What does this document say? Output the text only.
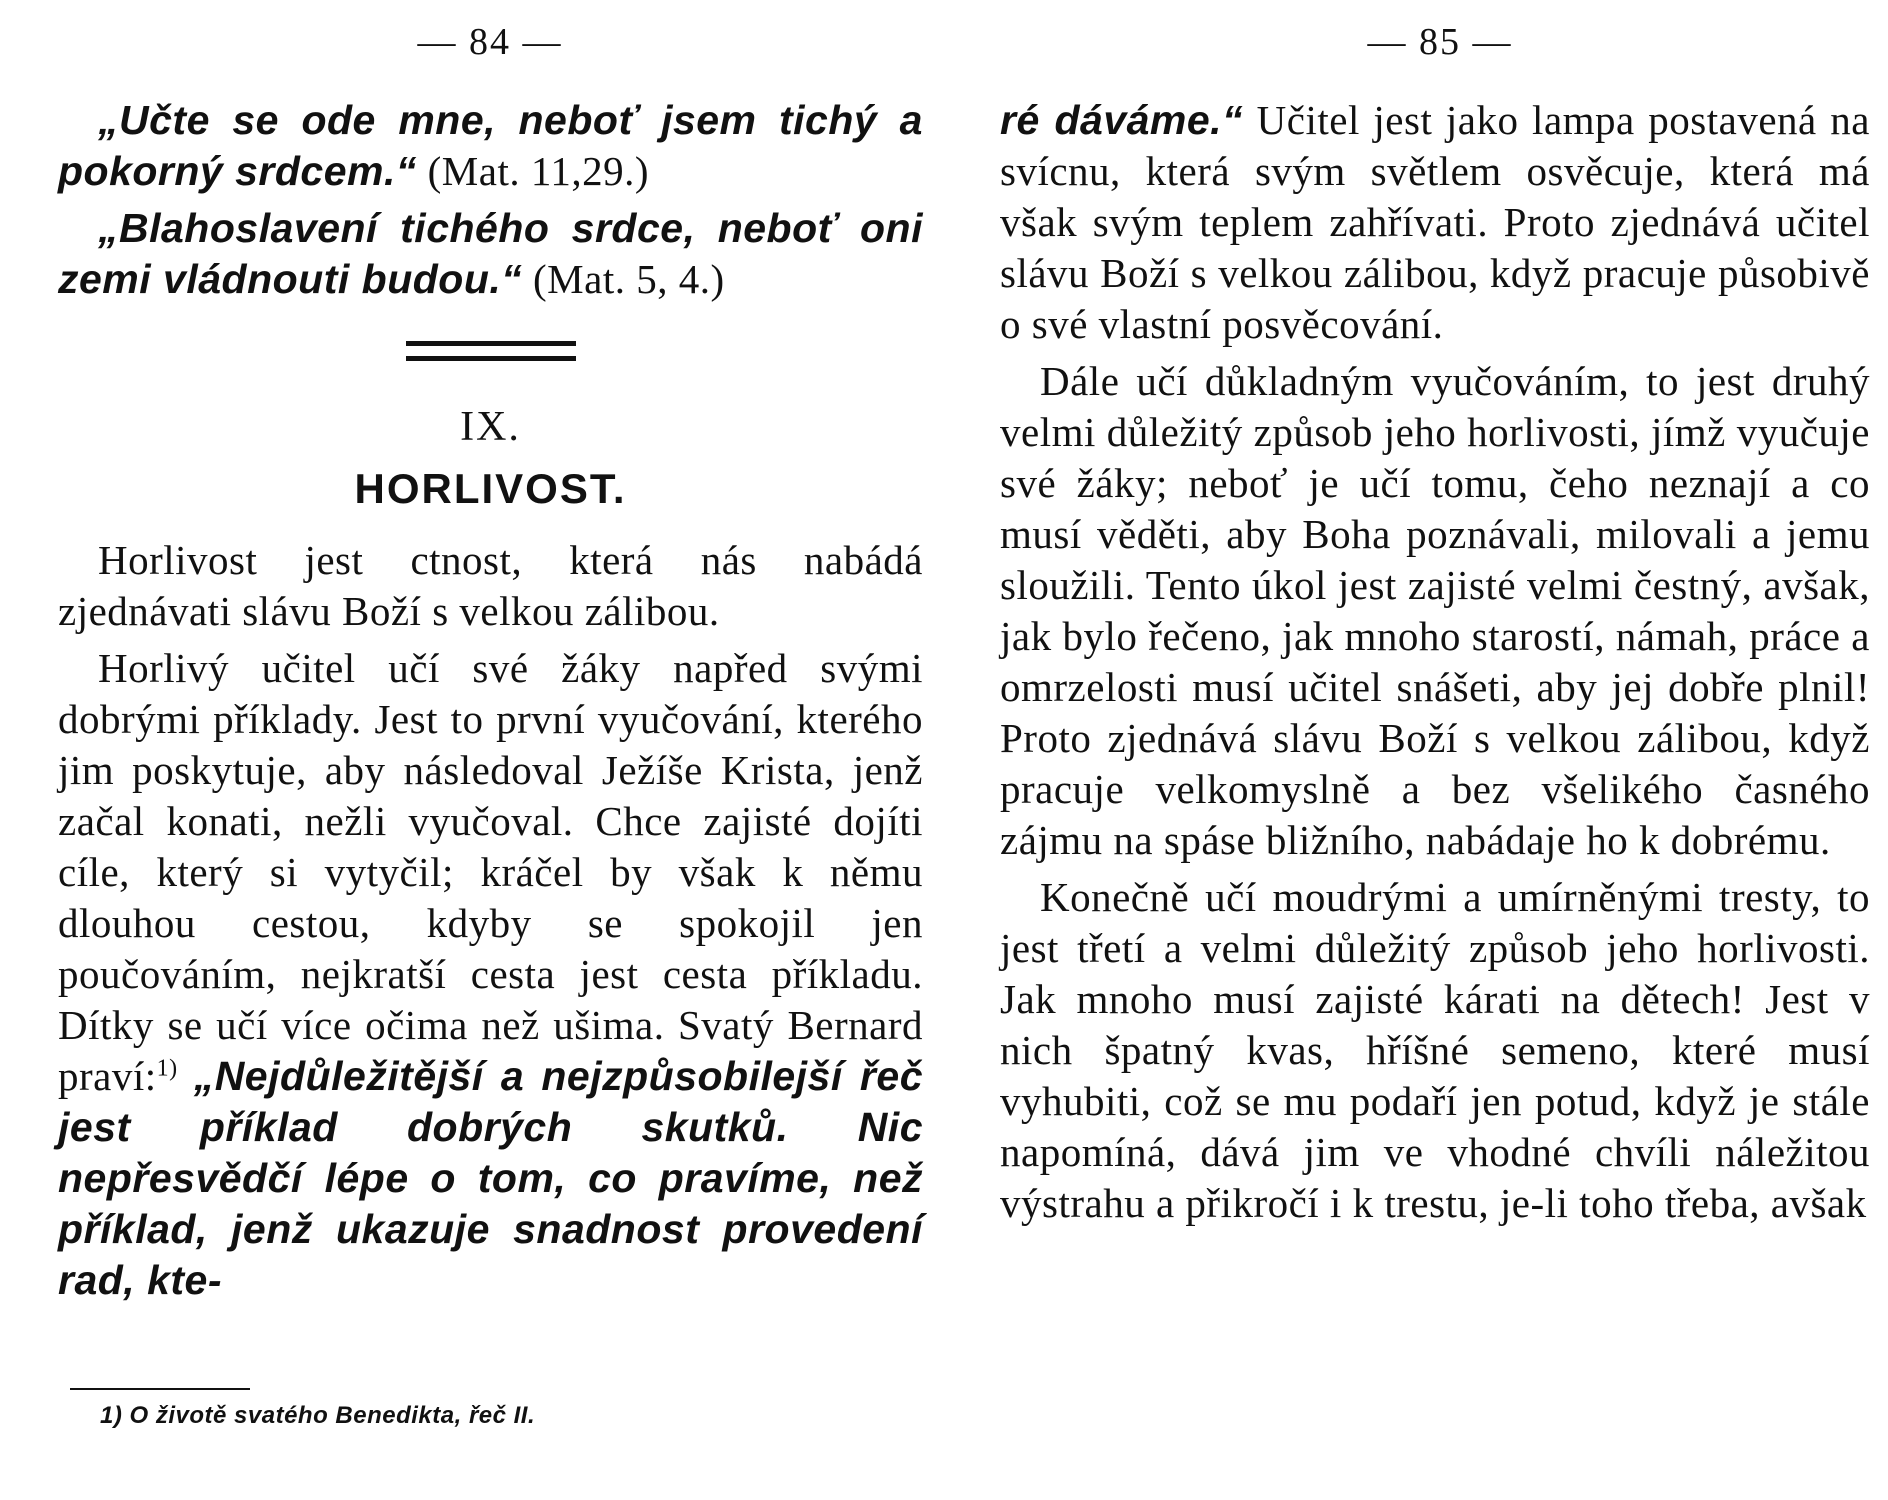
— 84 —

„Učte se ode mne, neboť jsem tichý a pokorný srdcem.“ (Mat. 11,29.)

„Blahoslavení tichého srdce, neboť oni zemi vládnouti budou.“ (Mat. 5, 4.)

IX.
HORLIVOST.

Horlivost jest ctnost, která nás nabádá zjednávati slávu Boží s velkou zálibou.

Horlivý učitel učí své žáky napřed svými dobrými příklady. Jest to první vyučování, kterého jim poskytuje, aby následoval Ježíše Krista, jenž začal konati, nežli vyučoval. Chce zajisté dojíti cíle, který si vytyčil; kráčel by však k němu dlouhou cestou, kdyby se spokojil jen poučováním, nejkratší cesta jest cesta příkladu. Dítky se učí více očima než ušima. Svatý Bernard praví:$^{1)}$ „Nejdůležitější a nejzpůsobilejší řeč jest příklad dobrých skutků. Nic nepřesvědčí lépe o tom, co pravíme, než příklad, jenž ukazuje snadnost provedení rad, kte-

1) O životě svatého Benedikta, řeč II.
— 85 —

ré dáváme.“ Učitel jest jako lampa postavená na svícnu, která svým světlem osvěcuje, která má však svým teplem zahřívati. Proto zjednává učitel slávu Boží s velkou zálibou, když pracuje působivě o své vlastní posvěcování.

Dále učí důkladným vyučováním, to jest druhý velmi důležitý způsob jeho horlivosti, jímž vyučuje své žáky; neboť je učí tomu, čeho neznají a co musí věděti, aby Boha poznávali, milovali a jemu sloužili. Tento úkol jest zajisté velmi čestný, avšak, jak bylo řečeno, jak mnoho starostí, námah, práce a omrzelosti musí učitel snášeti, aby jej dobře plnil! Proto zjednává slávu Boží s velkou zálibou, když pracuje velkomyslně a bez všelikého časného zájmu na spáse bližního, nabádaje ho k dobrému.

Konečně učí moudrými a umírněnými tresty, to jest třetí a velmi důležitý způsob jeho horlivosti. Jak mnoho musí zajisté kárati na dětech! Jest v nich špatný kvas, hříšné semeno, které musí vyhubiti, což se mu podaří jen potud, když je stále napomíná, dává jim ve vhodné chvíli náležitou výstrahu a přikročí i k trestu, je-li toho třeba, avšak
